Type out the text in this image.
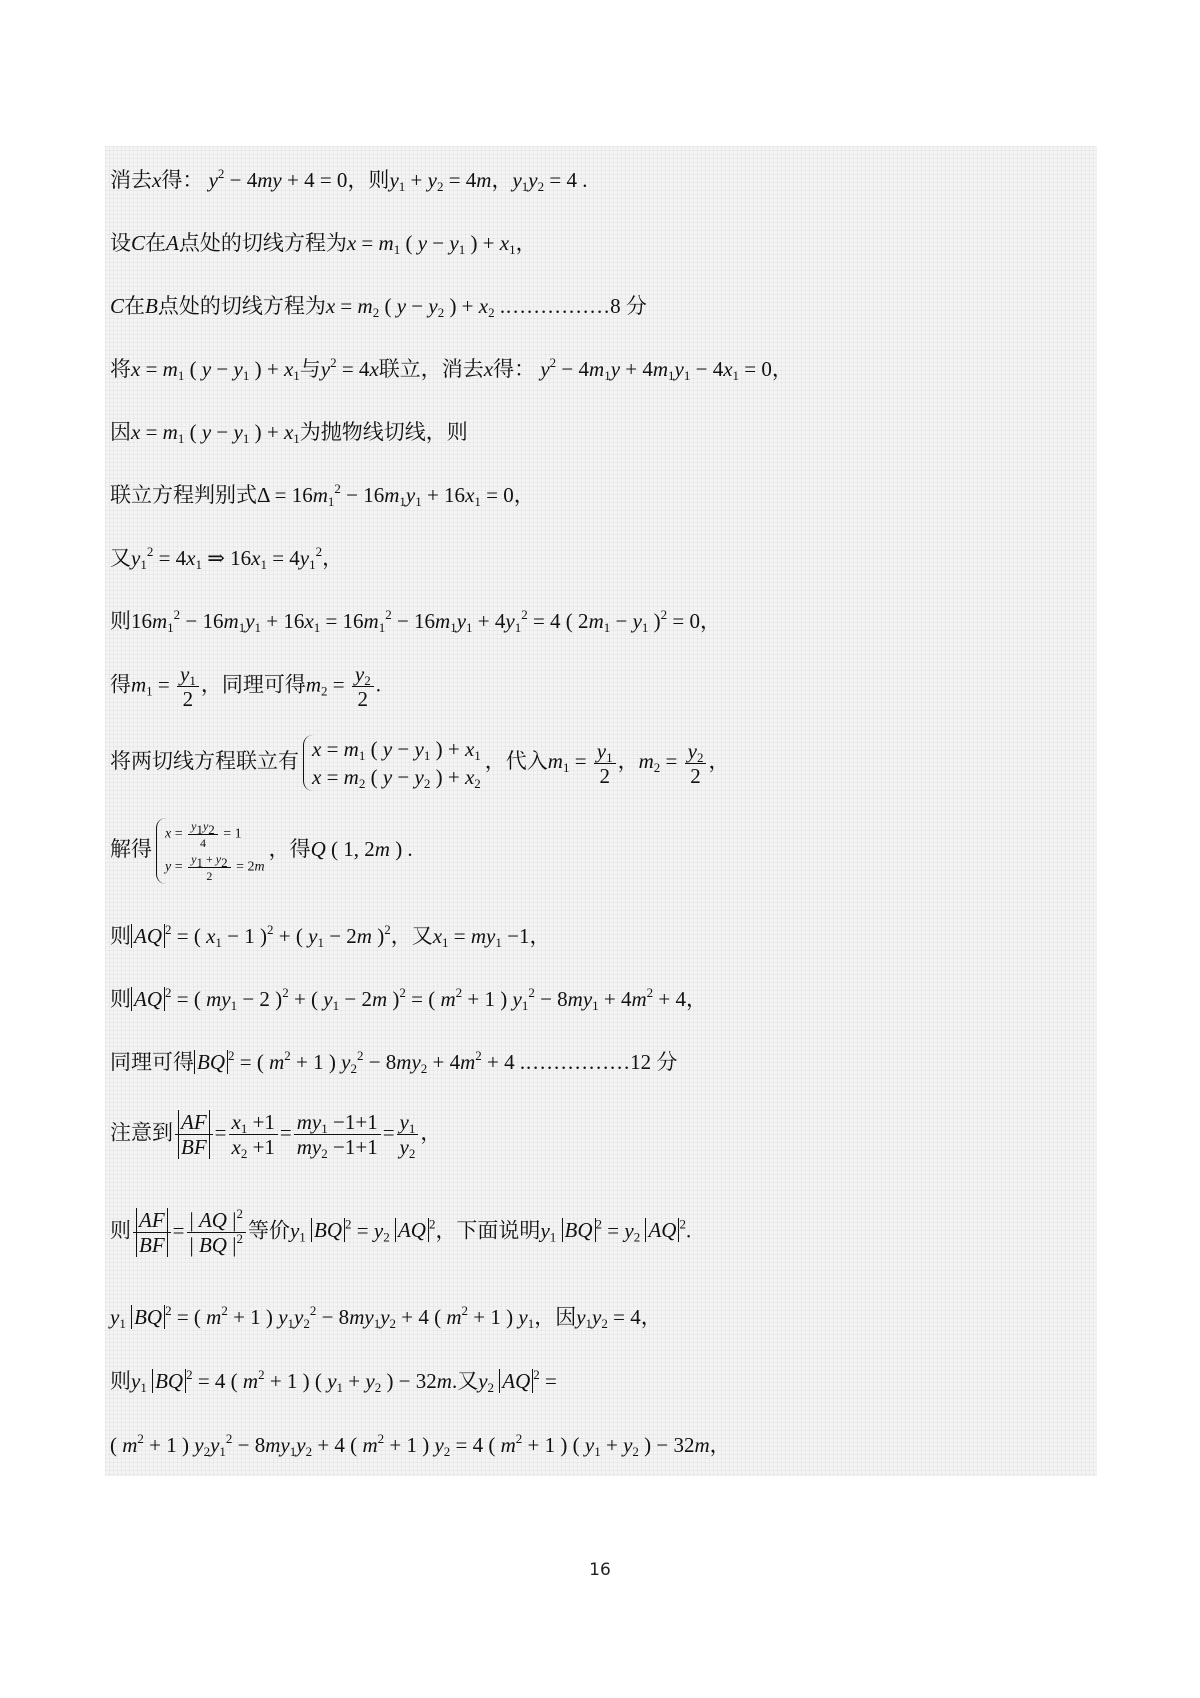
消去x得： $y^2 - 4my + 4 = 0$，则$y_1 + y_2 = 4m$，$y_1y_2 = 4$ .
设C在A点处的切线方程为$x = m_1$ ( $y - y_1$ ) + $x_1$，
C在B点处的切线方程为$x = m_2$ ( $y - y_2$ ) + $x_2$ .……………8 分
将$x = m_1$ ( $y - y_1$ ) + $x_1$与$y^2 = 4x$联立，消去x得： $y^2 - 4m_1y + 4m_1y_1 - 4x_1 = 0$，
因$x = m_1$ ( $y - y_1$ ) + $x_1$为抛物线切线，则
联立方程判别式$\Delta = 16m_1^2 - 16m_1y_1 + 16x_1 = 0$，
又$y_1^2 = 4x_1$ ⇒ $16x_1 = 4y_1^2$，
则$16m_1^2 - 16m_1y_1 + 16x_1 = 16m_1^2 - 16m_1y_1 + 4y_1^2 = 4$ ( $2m_1 - y_1$ )$^2$ = 0，
得$m_1 = \frac{y_1}{2}$ ，同理可得$m_2 = \frac{y_2}{2}$ .
将两切线方程联立有 $x = m_1$ ( $y - y_1$ ) + $x_1$
$x = m_2$ ( $y - y_2$ ) + $x_2$
，代入$m_1 = \frac{y_1}{2}$ ，$m_2 = \frac{y_2}{2}$ ，
解得
$x = \frac{y_1y_2}{4} = 1$
$y = \frac{y_1 + y_2}{2} = 2m$
，得Q ( 1, 2m ) .
则 AQ $^2$ = ( $x_1 - 1$ )$^2$ + ( $y_1 - 2m$ )$^2$，又$x_1 = my_1 -1$，
则 AQ $^2$ = ( $my_1 - 2$ )$^2$ + ( $y_1 - 2m$ )$^2$ = ( $m^2 + 1$ ) $y_1^2 - 8my_1 + 4m^2 + 4$，
同理可得 BQ $^2$ = ( $m^2 + 1$ ) $y_2^2 - 8my_2 + 4m^2 + 4$ .……………12 分
注意到 $\frac{AF}{BF} = \frac{x_1 +1}{x_2 +1} = \frac{my_1 -1+1}{my_2 -1+1} = \frac{y_1}{y_2}$ ，
则 $\frac{AF}{BF} = \frac{| AQ |^2}{| BQ |^2}$ 等价$y_1$ BQ $^2 = y_2$ AQ $^2$，下面说明$y_1$ BQ $^2 = y_2$ AQ $^2$.
$y_1$ BQ $^2$ = ( $m^2 + 1$ ) $y_1y_2^2 - 8my_1y_2 + 4$ ( $m^2 + 1$ ) $y_1$，因$y_1y_2 = 4$，
则$y_1$ BQ $^2$ = 4 ( $m^2 + 1$ ) ( $y_1 + y_2$ ) − 32m.又$y_2$ AQ $^2$ =
( $m^2 + 1$ ) $y_2y_1^2 - 8my_1y_2 + 4$ ( $m^2 + 1$ ) $y_2 = 4$ ( $m^2 + 1$ ) ( $y_1 + y_2$ ) − 32m，
16
